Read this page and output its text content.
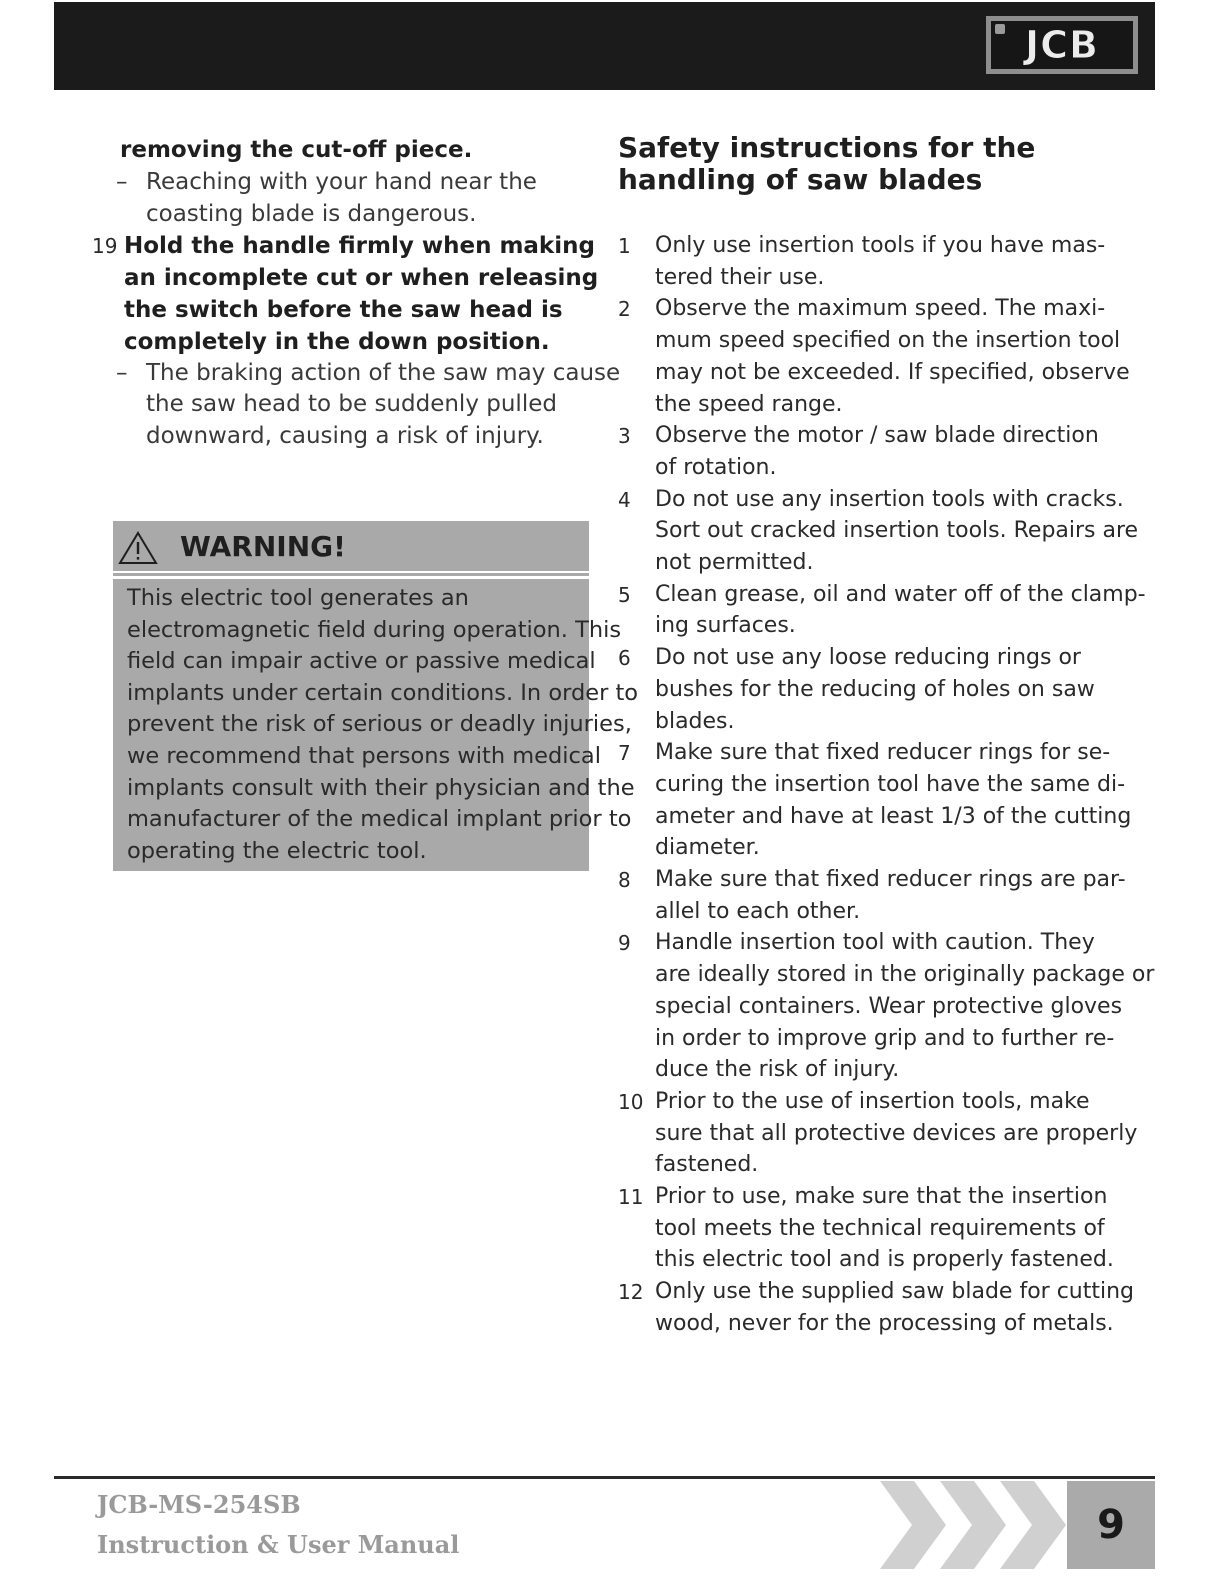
JCB
removing the cut-off piece.
– Reaching with your hand near the
coasting blade is dangerous.
19 Hold the handle firmly when making
an incomplete cut or when releasing
the switch before the saw head is
completely in the down position.
– The braking action of the saw may cause
the saw head to be suddenly pulled
downward, causing a risk of injury.
WARNING!
This electric tool generates an
electromagnetic field during operation. This
field can impair active or passive medical
implants under certain conditions. In order to
prevent the risk of serious or deadly injuries,
we recommend that persons with medical
implants consult with their physician and the
manufacturer of the medical implant prior to
operating the electric tool.
Safety instructions for the
handling of saw blades
1 Only use insertion tools if you have mas-
tered their use.
2 Observe the maximum speed. The maxi-
mum speed specified on the insertion tool
may not be exceeded. If specified, observe
the speed range.
3 Observe the motor / saw blade direction
of rotation.
4 Do not use any insertion tools with cracks.
Sort out cracked insertion tools. Repairs are
not permitted.
5 Clean grease, oil and water off of the clamp-
ing surfaces.
6 Do not use any loose reducing rings or
bushes for the reducing of holes on saw
blades.
7 Make sure that fixed reducer rings for se-
curing the insertion tool have the same di-
ameter and have at least 1/3 of the cutting
diameter.
8 Make sure that fixed reducer rings are par-
allel to each other.
9 Handle insertion tool with caution. They
are ideally stored in the originally package or
special containers. Wear protective gloves
in order to improve grip and to further re-
duce the risk of injury.
10 Prior to the use of insertion tools, make
sure that all protective devices are properly
fastened.
11 Prior to use, make sure that the insertion
tool meets the technical requirements of
this electric tool and is properly fastened.
12 Only use the supplied saw blade for cutting
wood, never for the processing of metals.
JCB-MS-254SB
Instruction & User Manual	9
